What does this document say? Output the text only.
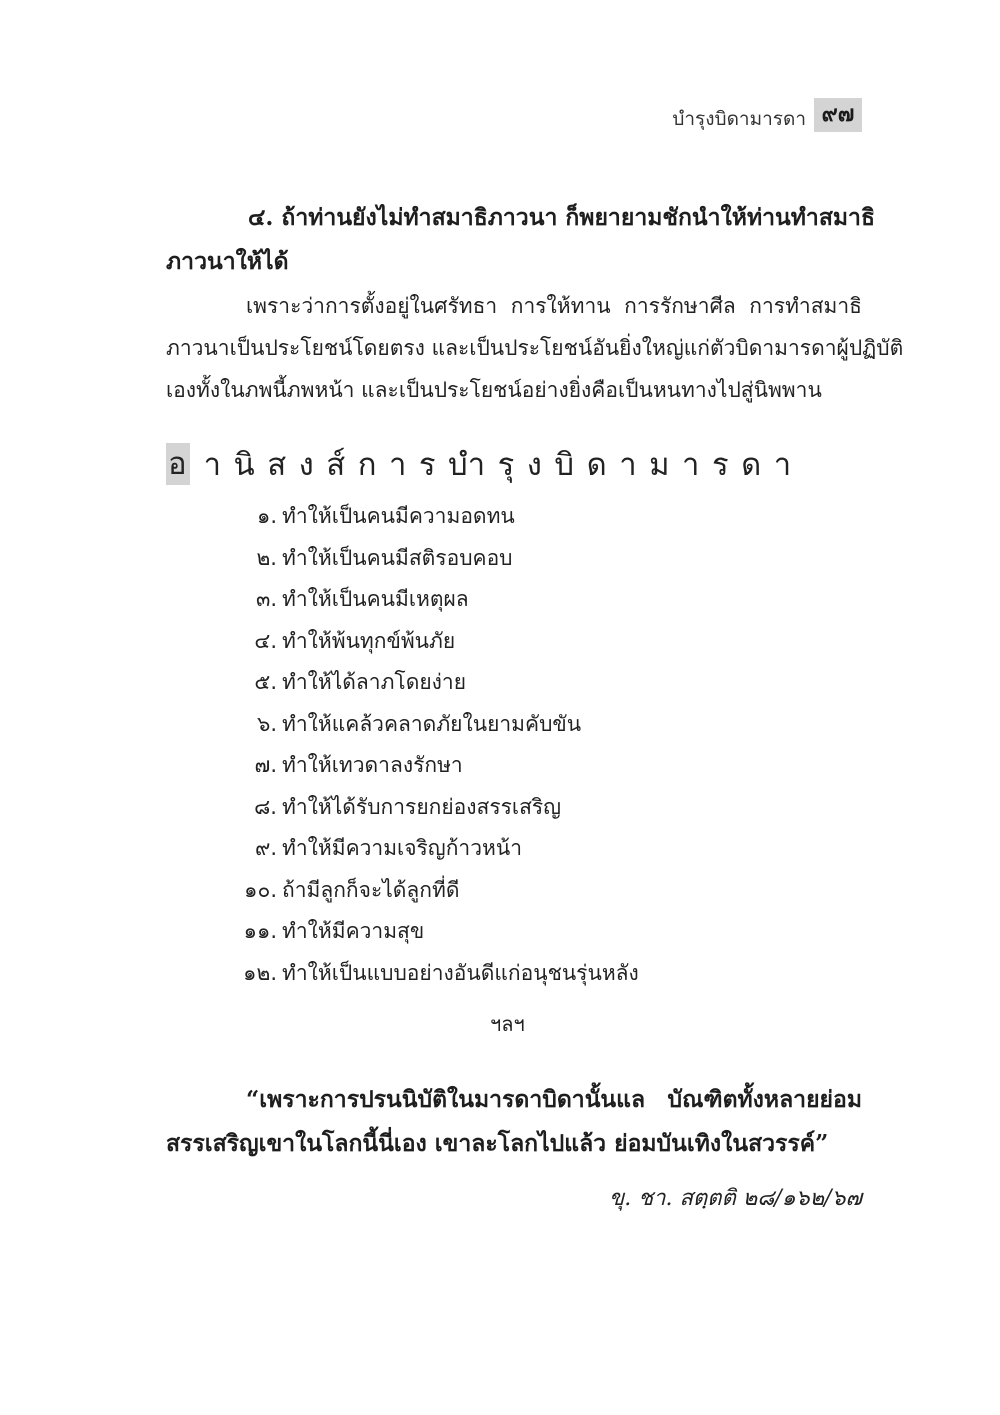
บำรุงบิดามารดา ๙๗
๔. ถ้าท่านยังไม่ทำสมาธิภาวนา ก็พยายามชักนำให้ท่านทำสมาธิ
ภาวนาให้ได้
เพราะว่าการตั้งอยู่ในศรัทธา การให้ทาน การรักษาศีล การทำสมาธิ
ภาวนาเป็นประโยชน์โดยตรง และเป็นประโยชน์อันยิ่งใหญ่แก่ตัวบิดามารดาผู้ปฏิบัติ
เองทั้งในภพนี้ภพหน้า และเป็นประโยชน์อย่างยิ่งคือเป็นหนทางไปสู่นิพพาน
อ านิสงส์การบำรุงบิดามารดา
๑. ทำให้เป็นคนมีความอดทน
๒. ทำให้เป็นคนมีสติรอบคอบ
๓. ทำให้เป็นคนมีเหตุผล
๔. ทำให้พ้นทุกข์พ้นภัย
๕. ทำให้ได้ลาภโดยง่าย
๖. ทำให้แคล้วคลาดภัยในยามคับขัน
๗. ทำให้เทวดาลงรักษา
๘. ทำให้ได้รับการยกย่องสรรเสริญ
๙. ทำให้มีความเจริญก้าวหน้า
๑๐. ถ้ามีลูกก็จะได้ลูกที่ดี
๑๑. ทำให้มีความสุข
๑๒. ทำให้เป็นแบบอย่างอันดีแก่อนุชนรุ่นหลัง
ฯลฯ
“เพราะการปรนนิบัติในมารดาบิดานั้นแล บัณฑิตทั้งหลายย่อม
สรรเสริญเขาในโลกนี้นี่เอง เขาละโลกไปแล้ว ย่อมบันเทิงในสวรรค์”
ขุ. ชา. สตฺตติ ๒๘/๑๖๒/๖๗
